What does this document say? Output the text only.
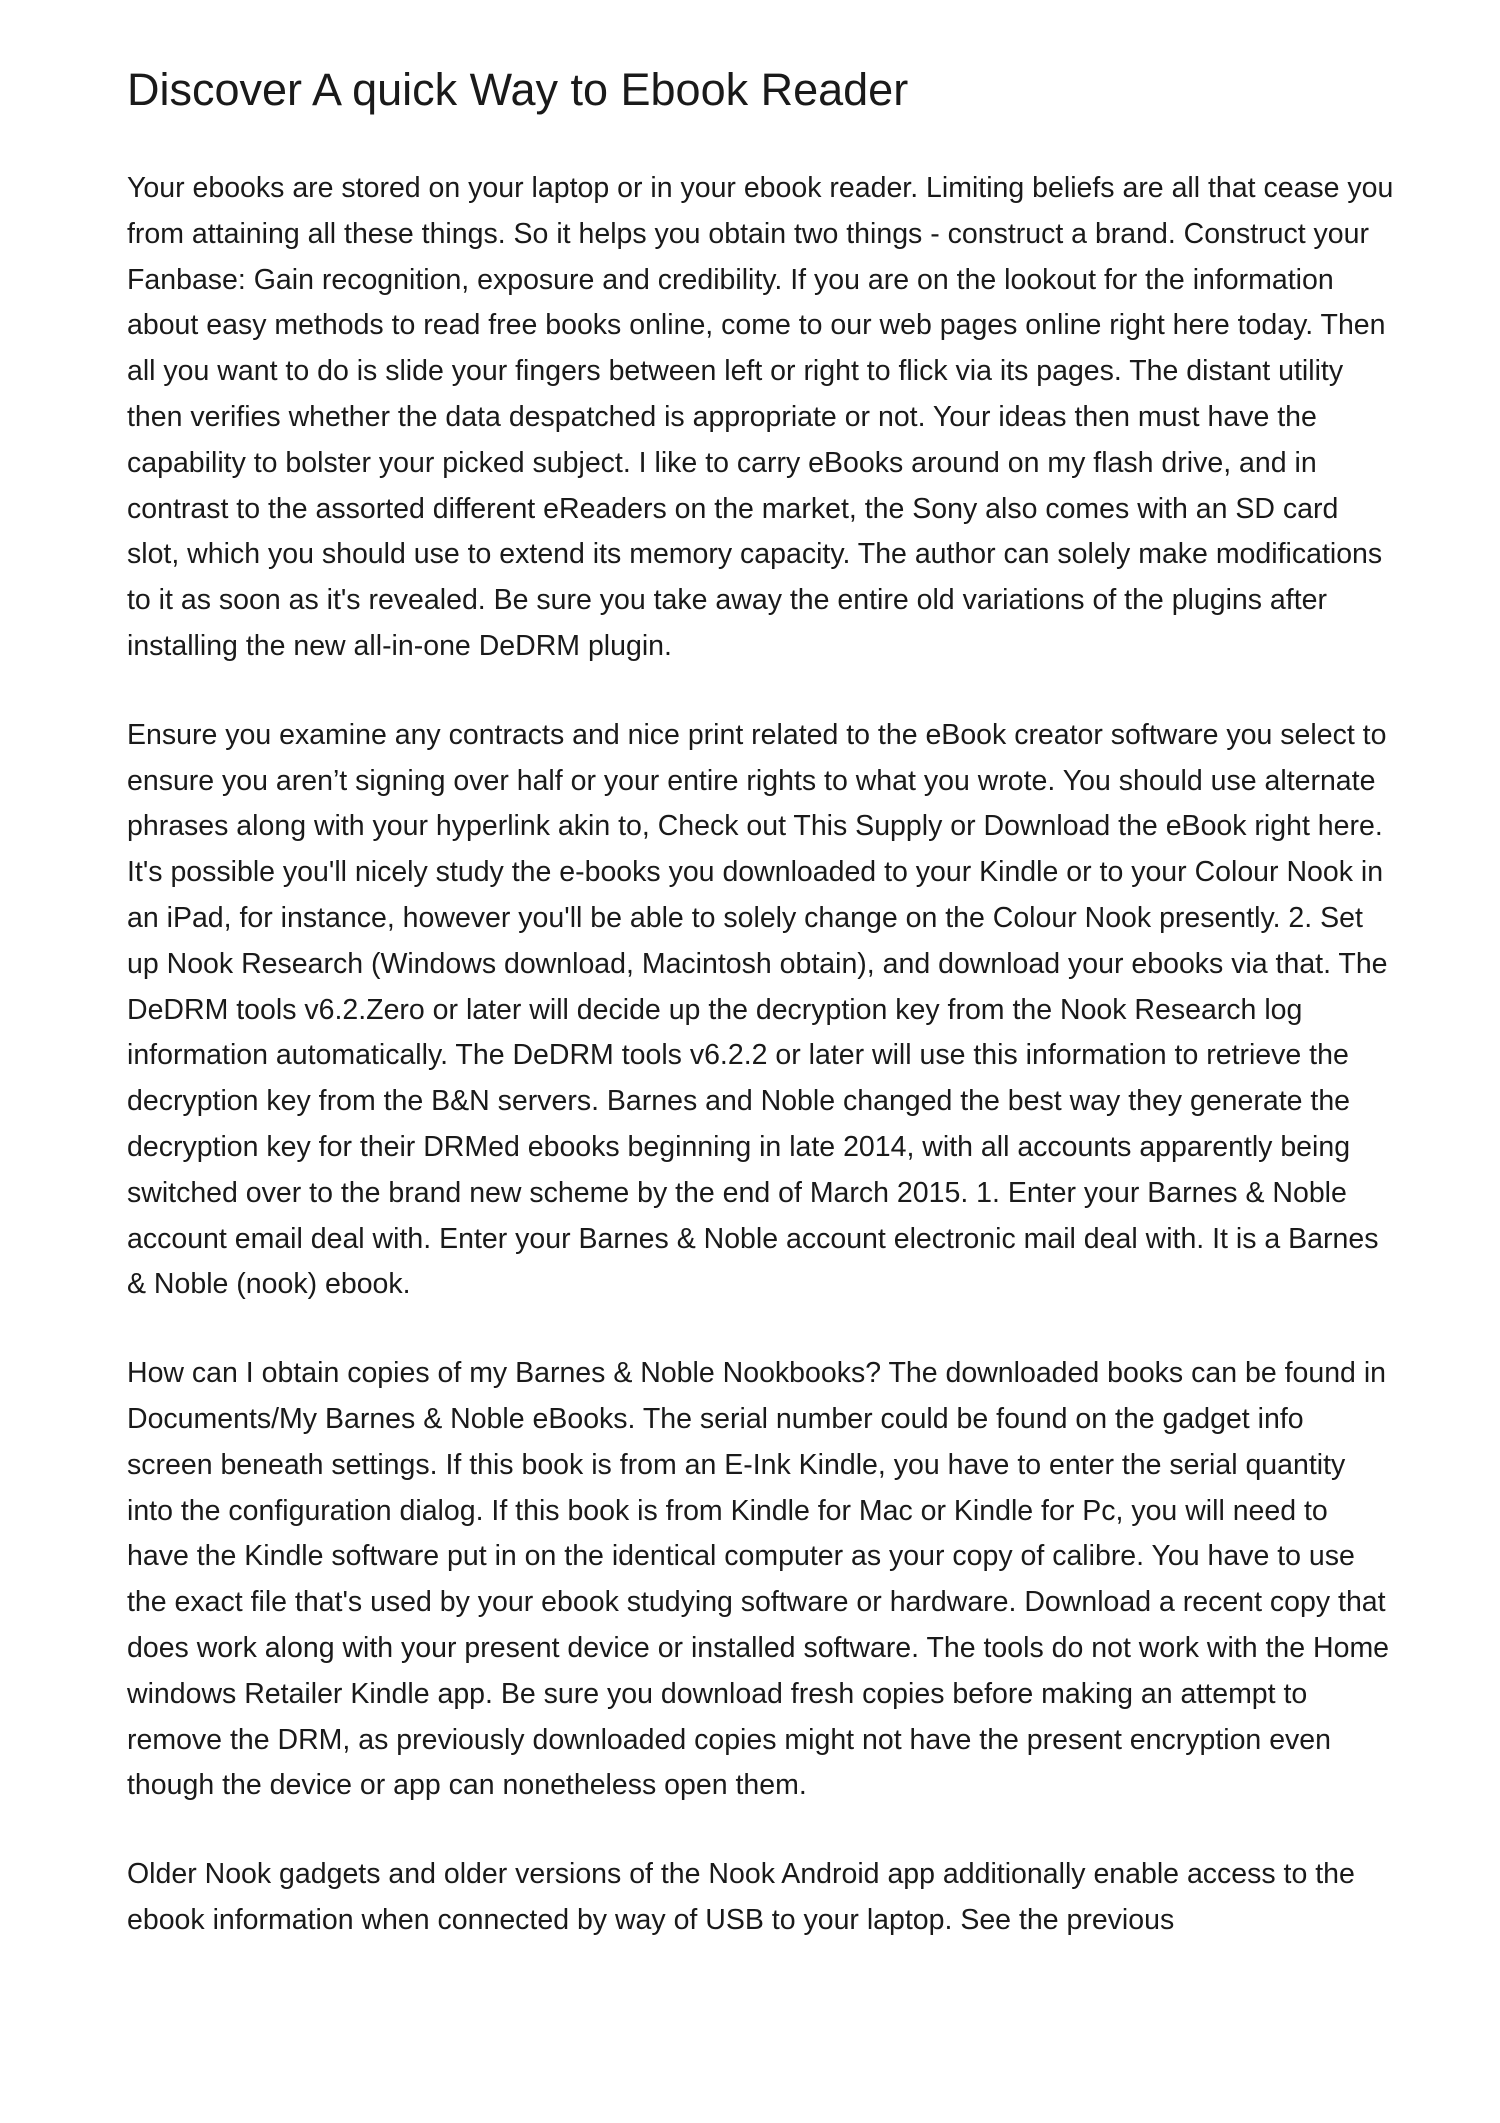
Discover A quick Way to Ebook Reader

Your ebooks are stored on your laptop or in your ebook reader. Limiting beliefs are all that cease you from attaining all these things. So it helps you obtain two things - construct a brand. Construct your Fanbase: Gain recognition, exposure and credibility. If you are on the lookout for the information about easy methods to read free books online, come to our web pages online right here today. Then all you want to do is slide your fingers between left or right to flick via its pages. The distant utility then verifies whether the data despatched is appropriate or not. Your ideas then must have the capability to bolster your picked subject. I like to carry eBooks around on my flash drive, and in contrast to the assorted different eReaders on the market, the Sony also comes with an SD card slot, which you should use to extend its memory capacity. The author can solely make modifications to it as soon as it's revealed. Be sure you take away the entire old variations of the plugins after installing the new all-in-one DeDRM plugin.

Ensure you examine any contracts and nice print related to the eBook creator software you select to ensure you aren’t signing over half or your entire rights to what you wrote. You should use alternate phrases along with your hyperlink akin to, Check out This Supply or Download the eBook right here. It's possible you'll nicely study the e-books you downloaded to your Kindle or to your Colour Nook in an iPad, for instance, however you'll be able to solely change on the Colour Nook presently. 2. Set up Nook Research (Windows download, Macintosh obtain), and download your ebooks via that. The DeDRM tools v6.2.Zero or later will decide up the decryption key from the Nook Research log information automatically. The DeDRM tools v6.2.2 or later will use this information to retrieve the decryption key from the B&N servers. Barnes and Noble changed the best way they generate the decryption key for their DRMed ebooks beginning in late 2014, with all accounts apparently being switched over to the brand new scheme by the end of March 2015. 1. Enter your Barnes & Noble account email deal with. Enter your Barnes & Noble account electronic mail deal with. It is a Barnes & Noble (nook) ebook.

How can I obtain copies of my Barnes & Noble Nookbooks? The downloaded books can be found in Documents/My Barnes & Noble eBooks. The serial number could be found on the gadget info screen beneath settings. If this book is from an E-Ink Kindle, you have to enter the serial quantity into the configuration dialog. If this book is from Kindle for Mac or Kindle for Pc, you will need to have the Kindle software put in on the identical computer as your copy of calibre. You have to use the exact file that's used by your ebook studying software or hardware. Download a recent copy that does work along with your present device or installed software. The tools do not work with the Home windows Retailer Kindle app. Be sure you download fresh copies before making an attempt to remove the DRM, as previously downloaded copies might not have the present encryption even though the device or app can nonetheless open them.

Older Nook gadgets and older versions of the Nook Android app additionally enable access to the ebook information when connected by way of USB to your laptop. See the previous
